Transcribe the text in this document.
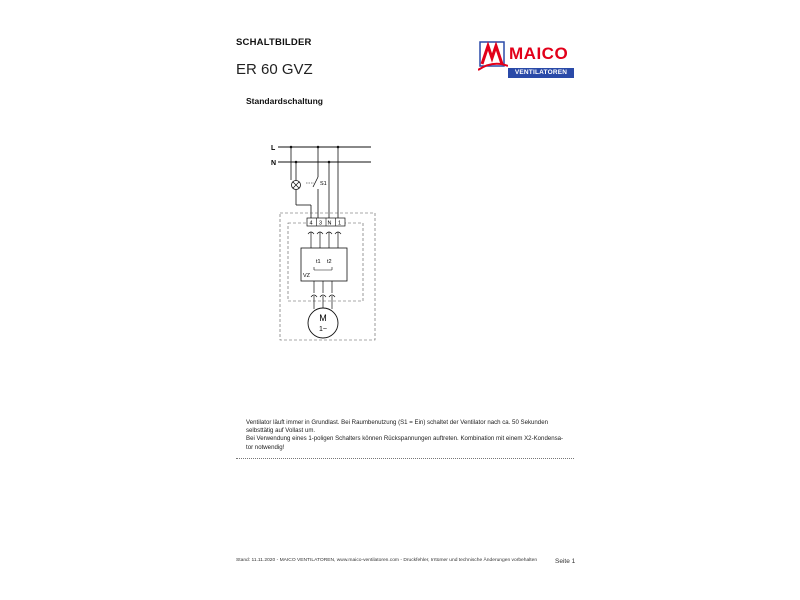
SCHALTBILDER
ER 60 GVZ
Standardschaltung
MAICO
VENTILATOREN
L
N
S1
4 3 N 1
t1 t2
VZ
M
1~

Ventilator läuft immer in Grundlast. Bei Raumbenutzung (S1 = Ein) schaltet der Ventilator nach ca. 50 Sekunden

selbsttätig auf Vollast um.

Bei Verwendung eines 1-poligen Schalters können Rückspannungen auftreten. Kombination mit einem X2-Kondensa-

tor notwendig!

Stand: 11.11.2020 - MAICO VENTILATOREN, www.maico-ventilatoren.com - Druckfehler, Irrtümer und technische Änderungen vorbehalten	Seite 1
